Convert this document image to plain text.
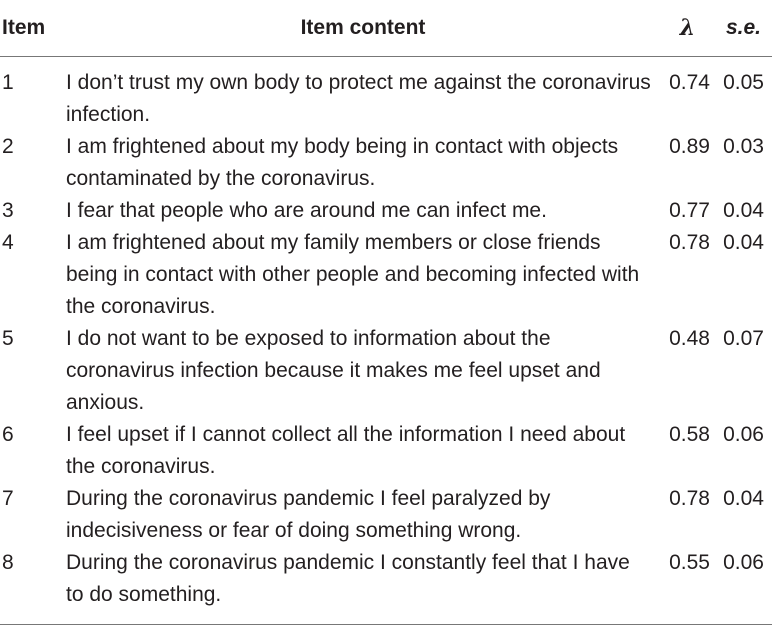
Item	Item content	λ	s.e.
1	I don’t trust my own body to protect me against the coronavirus infection.	0.74	0.05
2	I am frightened about my body being in contact with objects contaminated by the coronavirus.	0.89	0.03
3	I fear that people who are around me can infect me.	0.77	0.04
4	I am frightened about my family members or close friends being in contact with other people and becoming infected with the coronavirus.	0.78	0.04
5	I do not want to be exposed to information about the coronavirus infection because it makes me feel upset and anxious.	0.48	0.07
6	I feel upset if I cannot collect all the information I need about the coronavirus.	0.58	0.06
7	During the coronavirus pandemic I feel paralyzed by indecisiveness or fear of doing something wrong.	0.78	0.04
8	During the coronavirus pandemic I constantly feel that I have to do something.	0.55	0.06
